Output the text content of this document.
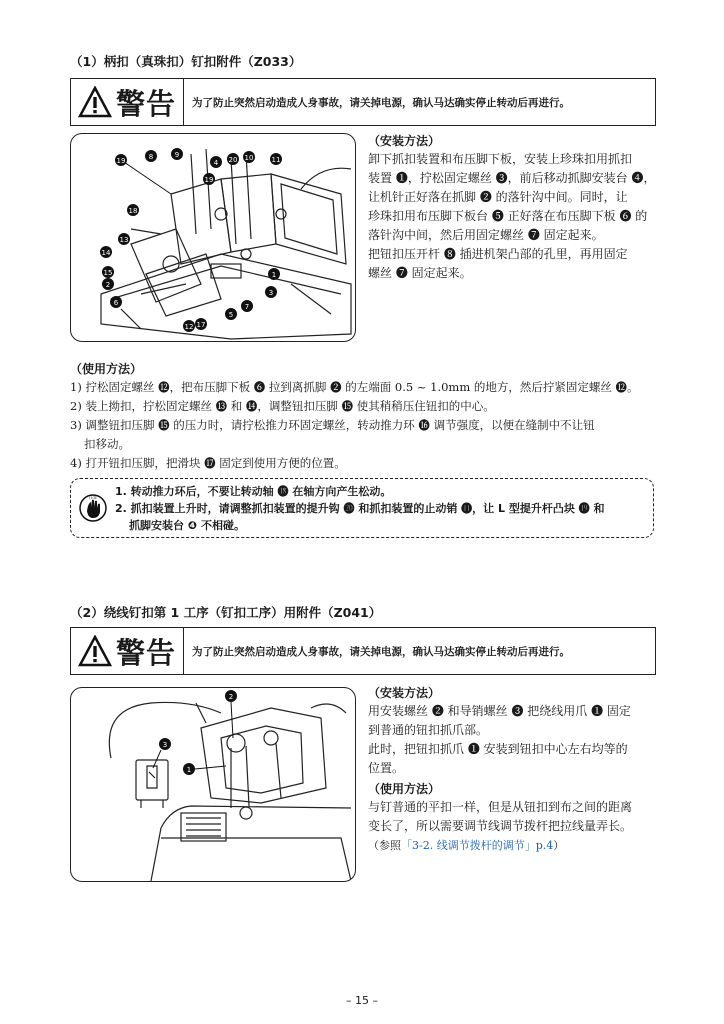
（1）柄扣（真珠扣）钉扣附件（Z033）
警告	为了防止突然启动造成人身事故，请关掉电源，确认马达确实停止转动后再进行。
19	8	9
4 20 10	11
19
18
13
14
15
2
6
12 17
5
7
3
1
（安装方法）
卸下抓扣装置和布压脚下板，安装上珍珠扣用抓扣
装置 ❶，拧松固定螺丝 ❸，前后移动抓脚安装台 ❹，
让机针正好落在抓脚 ❷ 的落针沟中间。同时，让
珍珠扣用布压脚下板台 ❺ 正好落在布压脚下板 ❻ 的
落针沟中间，然后用固定螺丝 ❼ 固定起来。
把钮扣压开杆 ❽ 插进机架凸部的孔里，再用固定
螺丝 ❼ 固定起来。
（使用方法）
1) 拧松固定螺丝 ⓬，把布压脚下板 ❻ 拉到离抓脚 ❷ 的左端面 0.5 ~ 1.0mm 的地方，然后拧紧固定螺丝 ⓬。
2) 装上拗扣，拧松固定螺丝 ⓭ 和 ⓮，调整钮扣压脚 ⓯ 使其稍稍压住钮扣的中心。
3) 调整钮扣压脚 ⓯ 的压力时，请拧松推力环固定螺丝，转动推力环 ⓰ 调节强度，以便在缝制中不让钮
扣移动。
4) 打开钮扣压脚，把滑块 ⓱ 固定到使用方便的位置。
注意 1. 转动推力环后，不要让转动轴 ⓲ 在轴方向产生松动。
2. 抓扣装置上升时，请调整抓扣装置的提升钩 ⓴ 和抓扣装置的止动销 ⓫，让 L 型提升杆凸块 ⓳ 和
抓脚安装台 ❹ 不相碰。
（2）绕线钉扣第 1 工序（钉扣工序）用附件（Z041）
警告	为了防止突然启动造成人身事故，请关掉电源，确认马达确实停止转动后再进行。
2
3
1
（安装方法）
用安装螺丝 ❷ 和导销螺丝 ❸ 把绕线用爪 ❶ 固定
到普通的钮扣抓爪部。
此时，把钮扣抓爪 ❶ 安装到钮扣中心左右均等的
位置。
（使用方法）
与钉普通的平扣一样，但是从钮扣到布之间的距离
变长了，所以需要调节线调节拨杆把拉线量弄长。
（参照「3-2. 线调节拨杆的调节」p.4）
– 15 –
